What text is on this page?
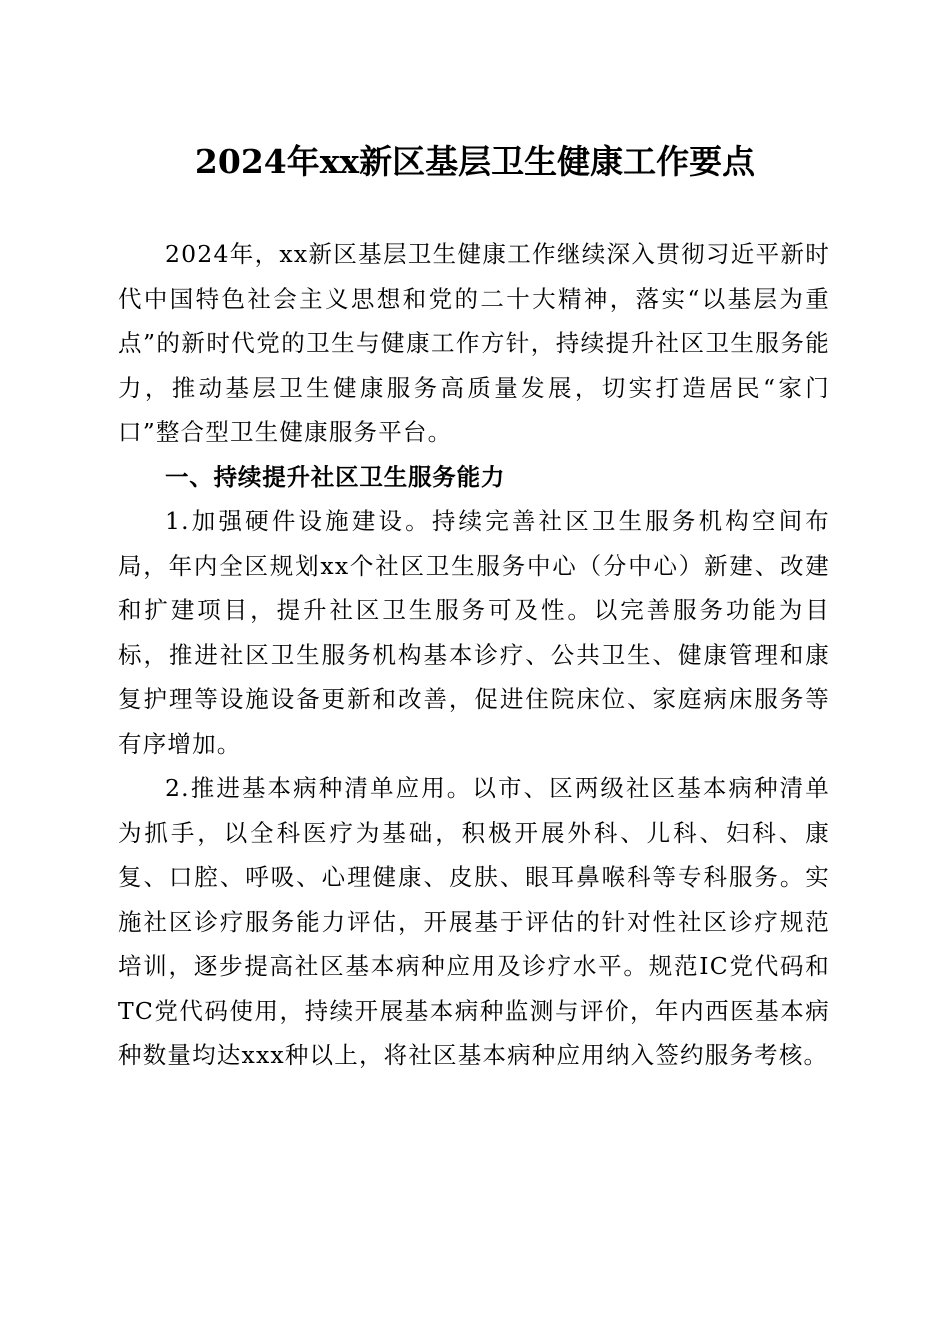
2024年xx新区基层卫生健康工作要点

2024年，xx新区基层卫生健康工作继续深入贯彻习近平新时代中国特色社会主义思想和党的二十大精神，落实“以基层为重点”的新时代党的卫生与健康工作方针，持续提升社区卫生服务能力，推动基层卫生健康服务高质量发展，切实打造居民“家门口”整合型卫生健康服务平台。

一、持续提升社区卫生服务能力

1.加强硬件设施建设。持续完善社区卫生服务机构空间布局，年内全区规划xx个社区卫生服务中心（分中心）新建、改建和扩建项目，提升社区卫生服务可及性。以完善服务功能为目标，推进社区卫生服务机构基本诊疗、公共卫生、健康管理和康复护理等设施设备更新和改善，促进住院床位、家庭病床服务等有序增加。

2.推进基本病种清单应用。以市、区两级社区基本病种清单为抓手，以全科医疗为基础，积极开展外科、儿科、妇科、康复、口腔、呼吸、心理健康、皮肤、眼耳鼻喉科等专科服务。实施社区诊疗服务能力评估，开展基于评估的针对性社区诊疗规范培训，逐步提高社区基本病种应用及诊疗水平。规范IC党代码和TC党代码使用，持续开展基本病种监测与评价，年内西医基本病种数量均达xxx种以上，将社区基本病种应用纳入签约服务考核。
